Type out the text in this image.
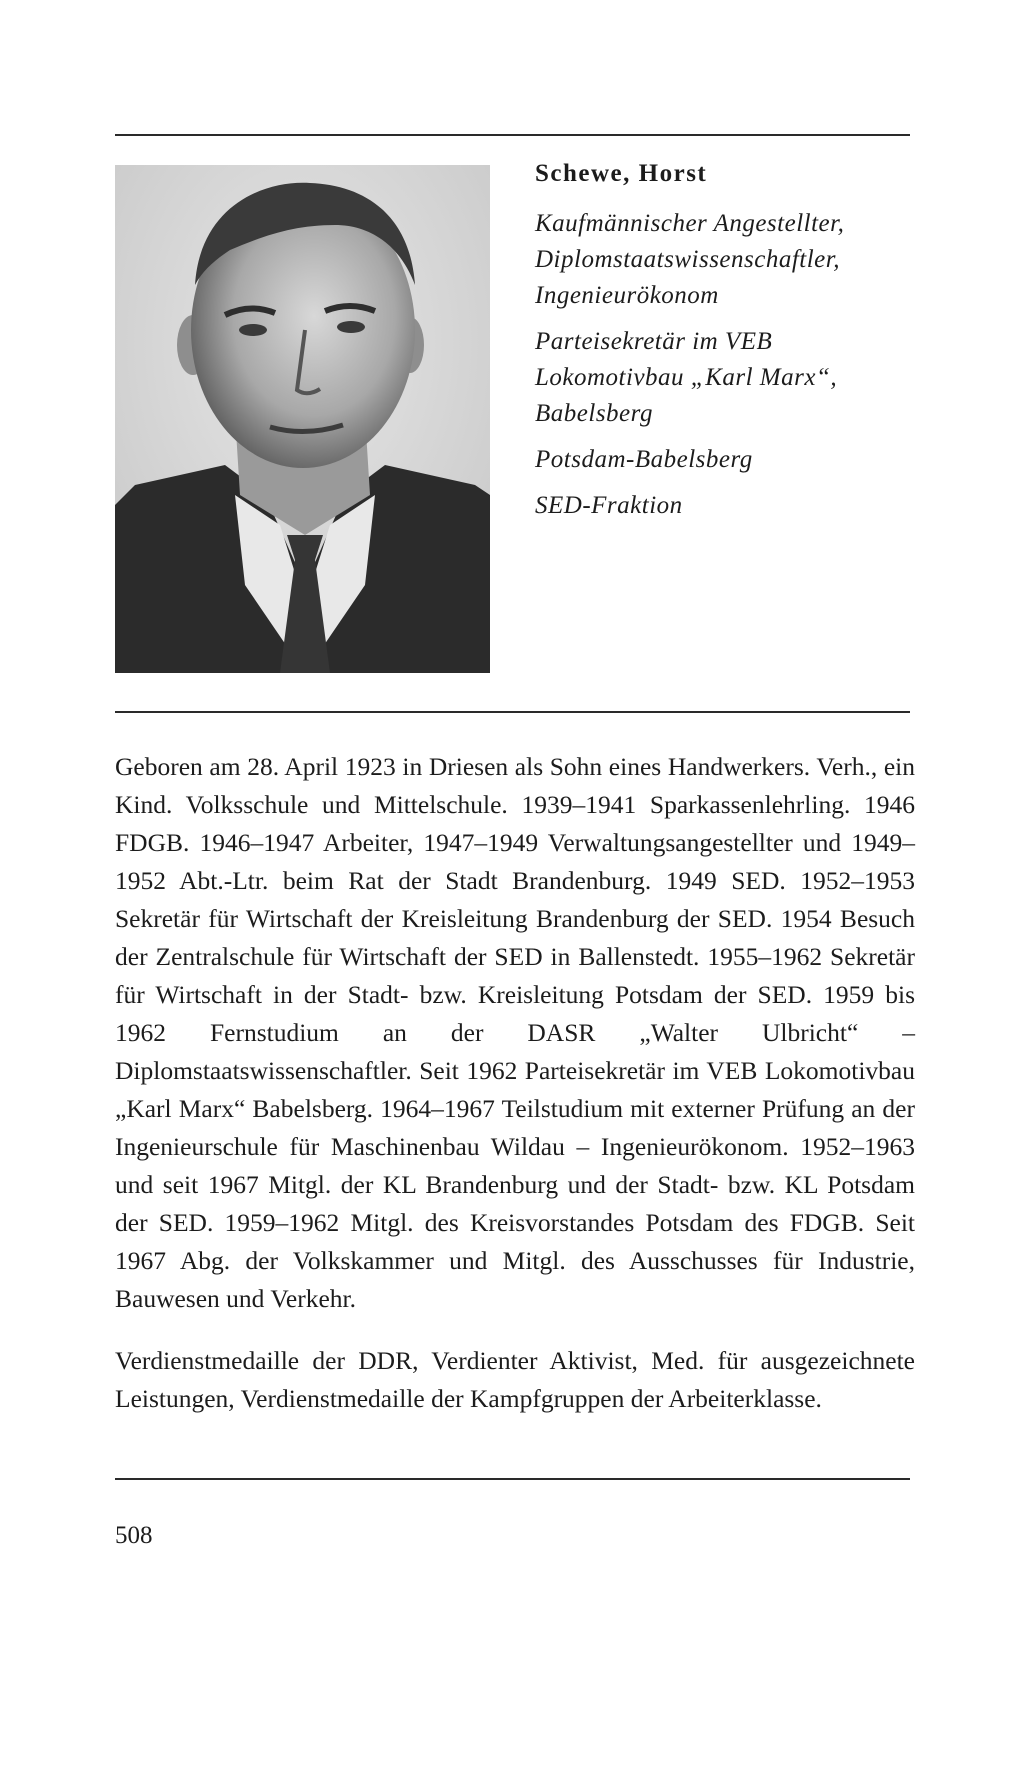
Schewe, Horst
Kaufmännischer Angestellter, Diplomstaatswissenschaftler, Ingenieurökonom
Parteisekretär im VEB Lokomotivbau „Karl Marx“, Babelsberg
Potsdam-Babelsberg
SED-Fraktion

Geboren am 28. April 1923 in Driesen als Sohn eines Handwerkers. Verh., ein Kind. Volksschule und Mittelschule. 1939–1941 Sparkassenlehrling. 1946 FDGB. 1946–1947 Arbeiter, 1947–1949 Verwaltungsangestellter und 1949–1952 Abt.-Ltr. beim Rat der Stadt Brandenburg. 1949 SED. 1952–1953 Sekretär für Wirtschaft der Kreisleitung Brandenburg der SED. 1954 Besuch der Zentralschule für Wirtschaft der SED in Ballenstedt. 1955–1962 Sekretär für Wirtschaft in der Stadt- bzw. Kreisleitung Potsdam der SED. 1959 bis 1962 Fernstudium an der DASR „Walter Ulbricht“ – Diplomstaatswissenschaftler. Seit 1962 Parteisekretär im VEB Lokomotivbau „Karl Marx“ Babelsberg. 1964–1967 Teilstudium mit externer Prüfung an der Ingenieurschule für Maschinenbau Wildau – Ingenieurökonom. 1952–1963 und seit 1967 Mitgl. der KL Brandenburg und der Stadt- bzw. KL Potsdam der SED. 1959–1962 Mitgl. des Kreisvorstandes Potsdam des FDGB. Seit 1967 Abg. der Volkskammer und Mitgl. des Ausschusses für Industrie, Bauwesen und Verkehr.

Verdienstmedaille der DDR, Verdienter Aktivist, Med. für ausgezeichnete Leistungen, Verdienstmedaille der Kampfgruppen der Arbeiterklasse.

508
